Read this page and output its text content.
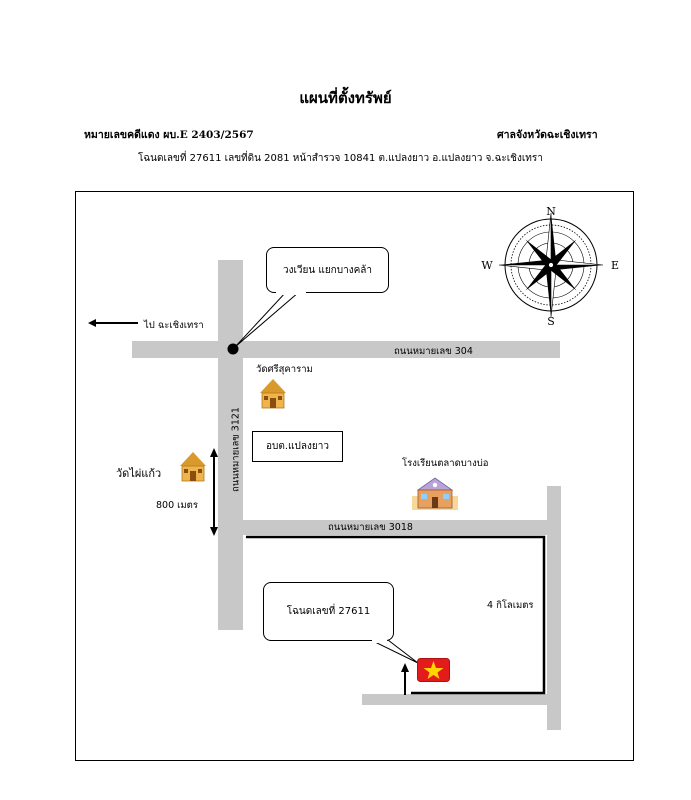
แผนที่ตั้งทรัพย์
หมายเลขคดีแดง ผบ.E 2403/2567	ศาลจังหวัดฉะเชิงเทรา
โฉนดเลขที่ 27611 เลขที่ดิน 2081 หน้าสำรวจ 10841 ต.แปลงยาว อ.แปลงยาว จ.ฉะเชิงเทรา
ถนนหมายเลข 304
ถนนหมายเลข 3018
ถนนหมายเลข 3121
วงเวียน แยกบางคล้า
ไป ฉะเชิงเทรา
วัดศรีสุคาราม
อบต.แปลงยาว
วัดไผ่แก้ว
800 เมตร
โรงเรียนตลาดบางบ่อ
4 กิโลเมตร
โฉนดเลขที่ 27611
N
S
E
W
